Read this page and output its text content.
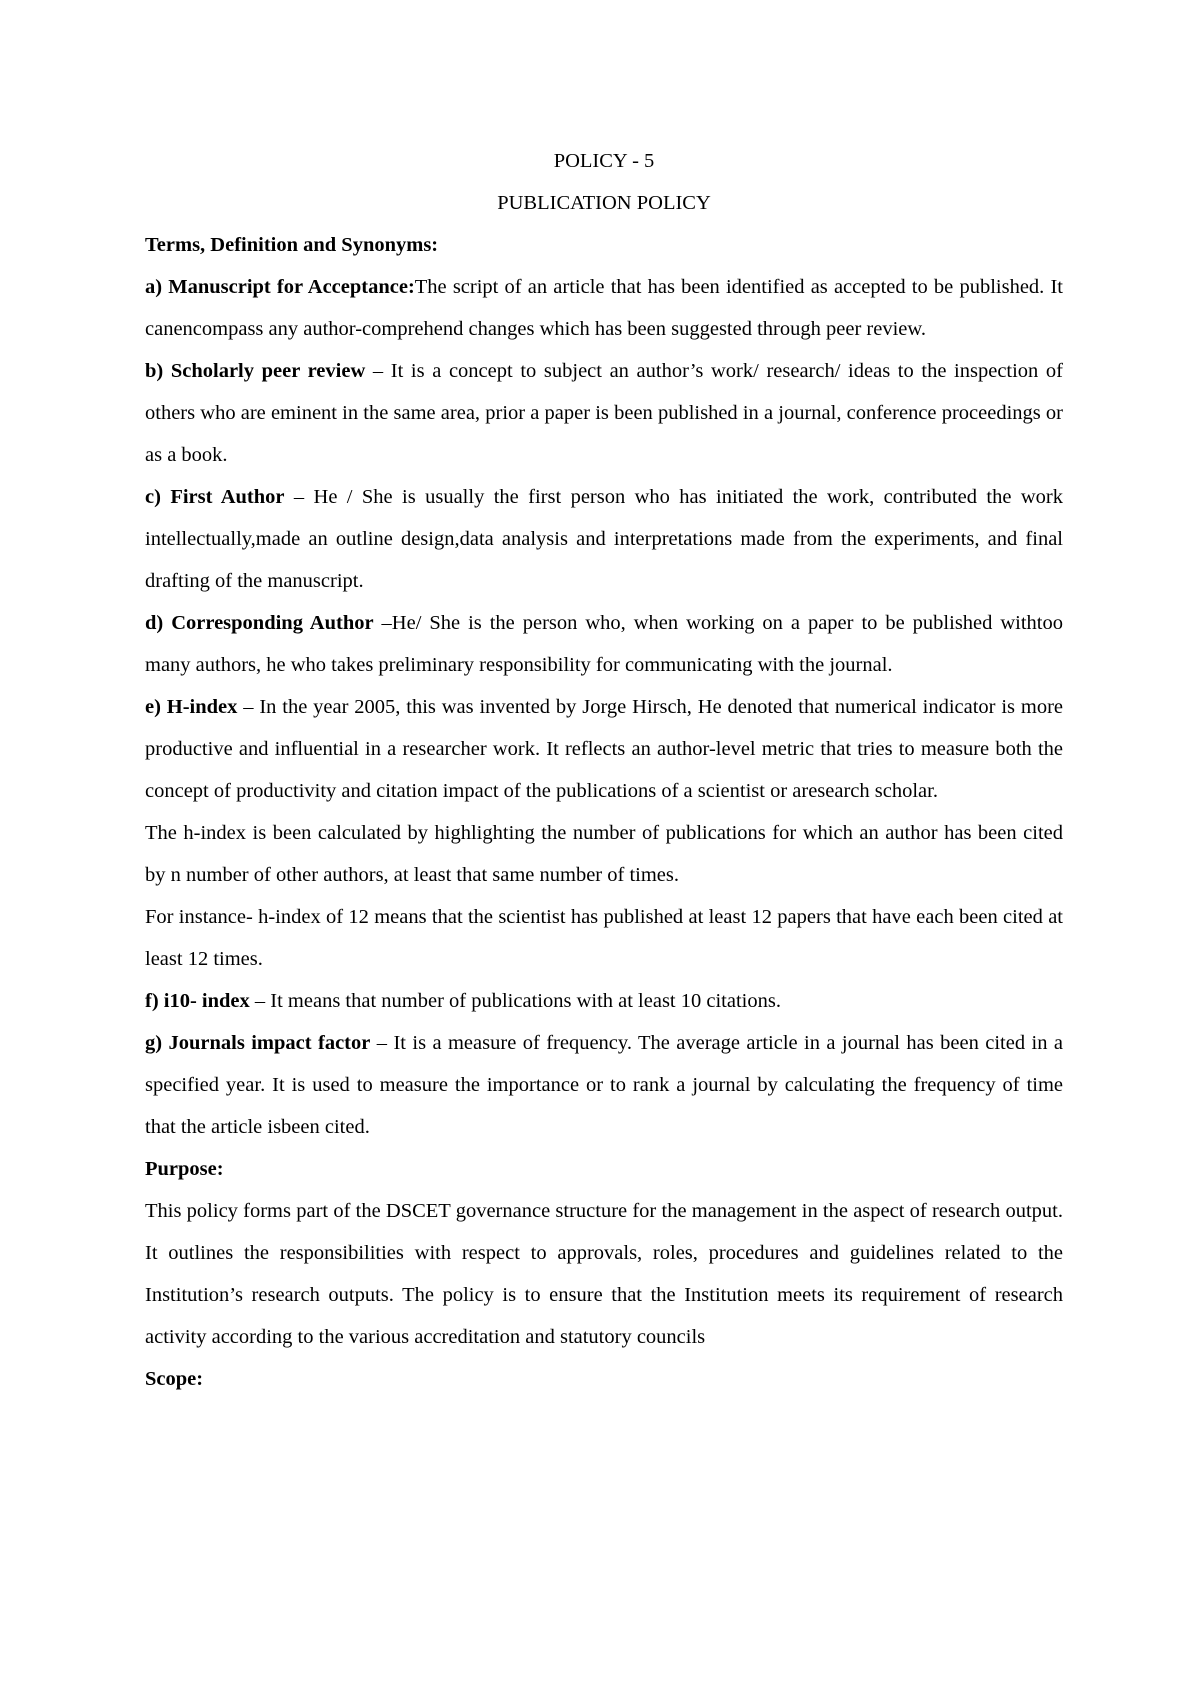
POLICY - 5

PUBLICATION POLICY

Terms, Definition and Synonyms:

a) Manuscript for Acceptance:The script of an article that has been identified as accepted to be published. It canencompass any author-comprehend changes which has been suggested through peer review.

b) Scholarly peer review – It is a concept to subject an author’s work/ research/ ideas to the inspection of others who are eminent in the same area, prior a paper is been published in a journal, conference proceedings or as a book.

c) First Author – He / She is usually the first person who has initiated the work, contributed the work intellectually,made an outline design,data analysis and interpretations made from the experiments, and final drafting of the manuscript.

d) Corresponding Author –He/ She is the person who, when working on a paper to be published withtoo many authors, he who takes preliminary responsibility for communicating with the journal.

e) H-index – In the year 2005, this was invented by Jorge Hirsch, He denoted that numerical indicator is more productive and influential in a researcher work. It reflects an author-level metric that tries to measure both the concept of productivity and citation impact of the publications of a scientist or aresearch scholar.

The h-index is been calculated by highlighting the number of publications for which an author has been cited by n number of other authors, at least that same number of times.

For instance- h-index of 12 means that the scientist has published at least 12 papers that have each been cited at least 12 times.

f) i10- index – It means that number of publications with at least 10 citations.

g) Journals impact factor – It is a measure of frequency. The average article in a journal has been cited in a specified year. It is used to measure the importance or to rank a journal by calculating the frequency of time that the article isbeen cited.

Purpose:

This policy forms part of the DSCET governance structure for the management in the aspect of research output. It outlines the responsibilities with respect to approvals, roles, procedures and guidelines related to the Institution’s research outputs. The policy is to ensure that the Institution meets its requirement of research activity according to the various accreditation and statutory councils

Scope:
